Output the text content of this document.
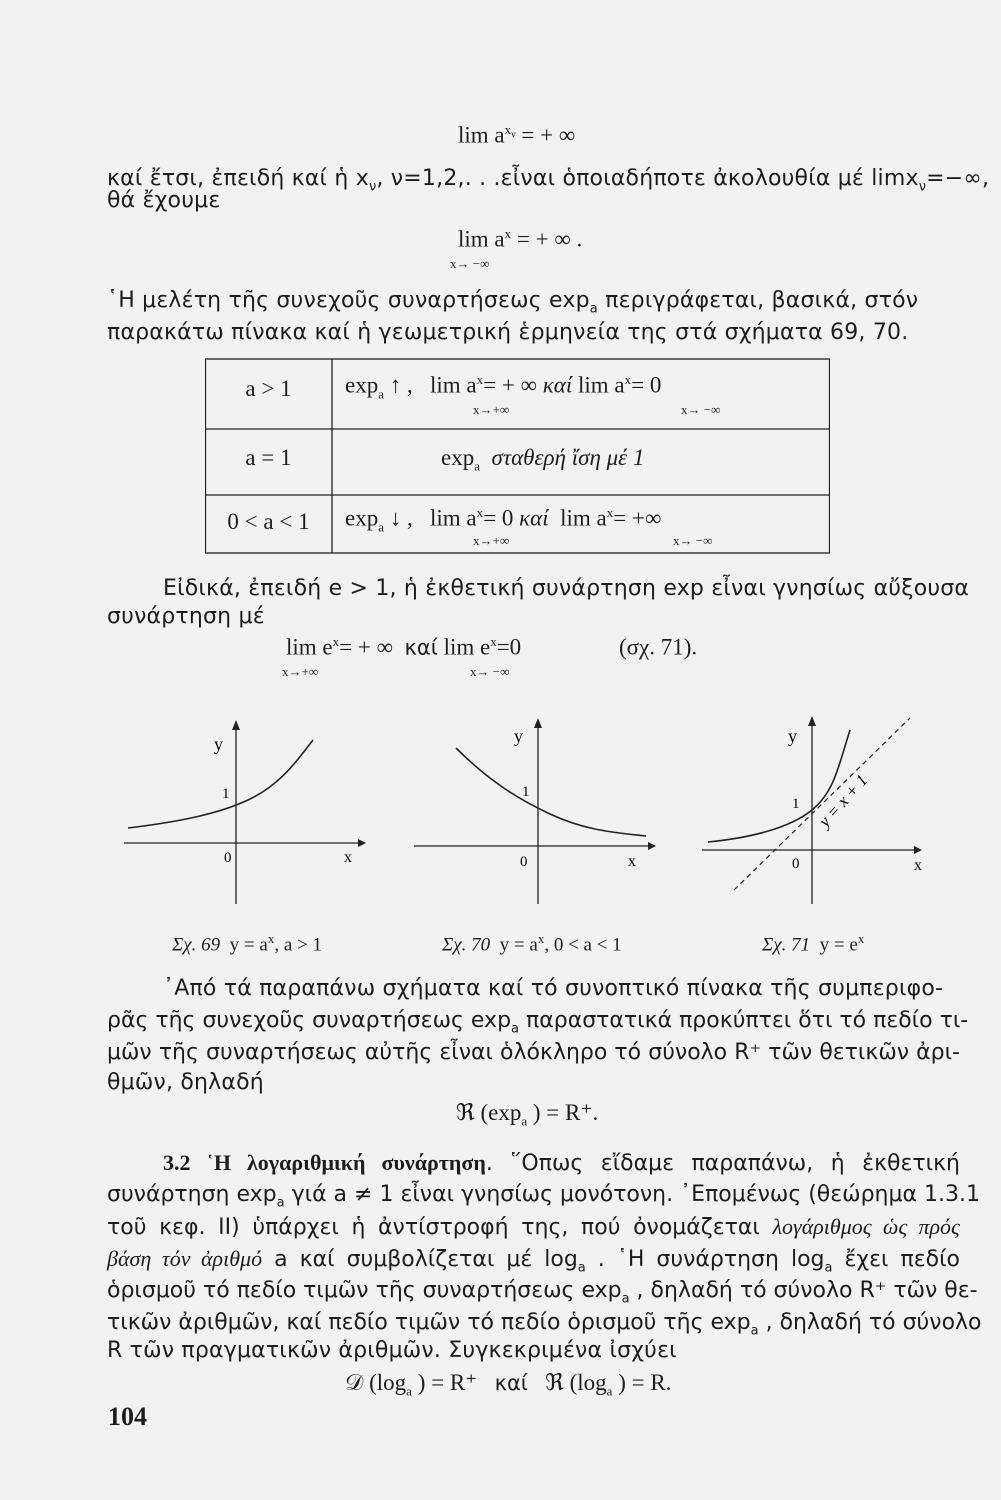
$\lim a^{x_\nu}$ = + ∞
καί ἔτσι, ἐπειδή καί ἡ $x_\nu$, ν=1,2,. . .εἶναι ὁποιαδήποτε ἀκολουθία μέ limx$_\nu$=−∞,
θά ἔχουμε
$\lim a^x$ = + ∞ .
x→ −∞
῾Η μελέτη τῆς συνεχοῦς συναρτήσεως $\exp_a \pi\varepsilon\rho\iota\gamma\rho ά\varphi\varepsilon\tau\alpha\iota$, βασικά, στόν
παρακάτω πίνακα καί ἡ γεωμετρική ἑρμηνεία της στά σχήματα 69, 70.
a > 1	$\exp_a$ ↑ ,   $\lim a^x=$ + ∞ καί $\lim a^x= 0$
x→+∞	x→ −∞
a = 1	$\exp_a \sigma\tau\alpha\theta\varepsilon\rho ή$ ἴση μέ 1
0 < a < 1	$\exp_a$ ↓ ,   $\lim a^x= 0$ καί $\lim a^x=$ +∞
x→+∞	x→ −∞
Εἰδικά, ἐπειδή e > 1, ἡ ἐκθετική συνάρτηση exp εἶναι γνησίως αὔξουσα
συνάρτηση μέ
$\lim e^x=$ + ∞ καί $\lim e^x=0$	(σχ. 71).
x→+∞	x→ −∞
y
1
0	x
y
1
0	x
y
1
0	x
y = x + 1
Σχ. 69 $y = a^x$, a > 1	Σχ. 70 $y = a^x$, 0 < a < 1	Σχ. 71 $y = e^x$
᾽Από τά παραπάνω σχήματα καί τό συνοπτικό πίνακα τῆς συμπεριφο-
ρᾶς τῆς συνεχοῦς συναρτήσεως $\exp_a \pi\alpha\rho\alpha\sigma\tau\alpha\tau\iota\kappa ά$ προκύπτει ὅτι τό πεδίο τι-
μῶν τῆς συναρτήσεως αὐτῆς εἶναι ὁλόκληρο τό σύνολο R⁺ τῶν θετικῶν ἀρι-
θμῶν, δηλαδή
ℜ ($\exp_a$ ) = R⁺.
3.2 ῾Η λογαριθμική συνάρτηση. ῞Οπως εἴδαμε παραπάνω, ἡ ἐκθετική
συνάρτηση $\exp_a \gamma\iota ά$ a ≠ 1 εἶναι γνησίως μονότονη. ᾽Επομένως (θεώρημα 1.3.1
τοῦ κεφ. ΙΙ) ὑπάρχει ἡ ἀντίστροφή της, πού ὀνομάζεται λογάριθμος ὡς πρός
βάση τόν ἀριθμό a καί συμβολίζεται μέ $\log_a$ . ῾Η συνάρτηση $\log_a$ ἔχει πεδίο
ὁρισμοῦ τό πεδίο τιμῶν τῆς συναρτήσεως $\exp_a$ , δηλαδή τό σύνολο R⁺ τῶν θε-
τικῶν ἀριθμῶν, καί πεδίο τιμῶν τό πεδίο ὁρισμοῦ τῆς $\exp_a$ , δηλαδή τό σύνολο
R τῶν πραγματικῶν ἀριθμῶν. Συγκεκριμένα ἰσχύει
𝒟 ($\log_a$ ) = R⁺ καί ℜ ($\log_a$ ) = R.
104
